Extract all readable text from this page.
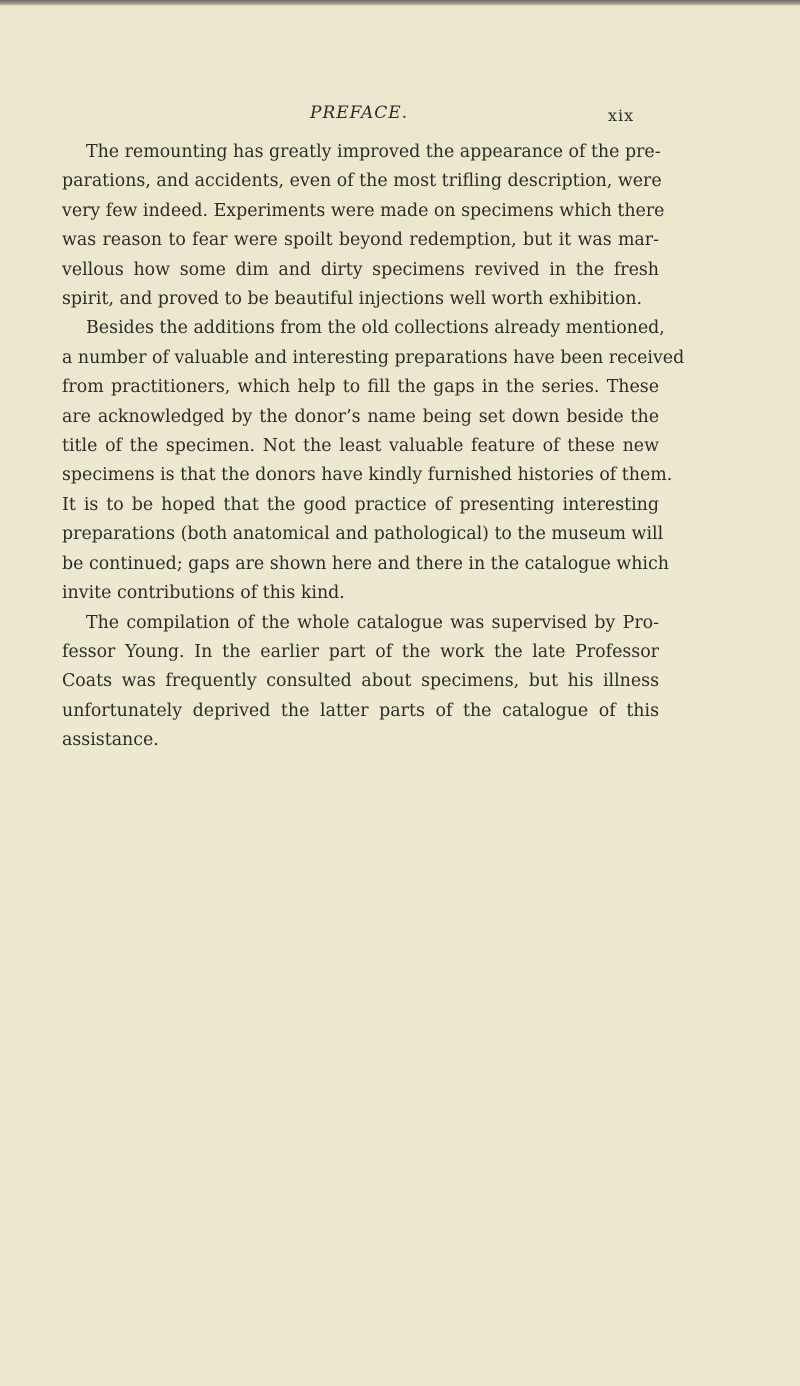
PREFACE.	xix

The remounting has greatly improved the appearance of the pre-
parations, and accidents, even of the most trifling description, were
very few indeed. Experiments were made on specimens which there
was reason to fear were spoilt beyond redemption, but it was mar-
vellous how some dim and dirty specimens revived in the fresh
spirit, and proved to be beautiful injections well worth exhibition.

Besides the additions from the old collections already mentioned,
a number of valuable and interesting preparations have been received
from practitioners, which help to fill the gaps in the series. These
are acknowledged by the donor’s name being set down beside the
title of the specimen. Not the least valuable feature of these new
specimens is that the donors have kindly furnished histories of them.
It is to be hoped that the good practice of presenting interesting
preparations (both anatomical and pathological) to the museum will
be continued; gaps are shown here and there in the catalogue which
invite contributions of this kind.

The compilation of the whole catalogue was supervised by Pro-
fessor Young. In the earlier part of the work the late Professor
Coats was frequently consulted about specimens, but his illness
unfortunately deprived the latter parts of the catalogue of this
assistance.
